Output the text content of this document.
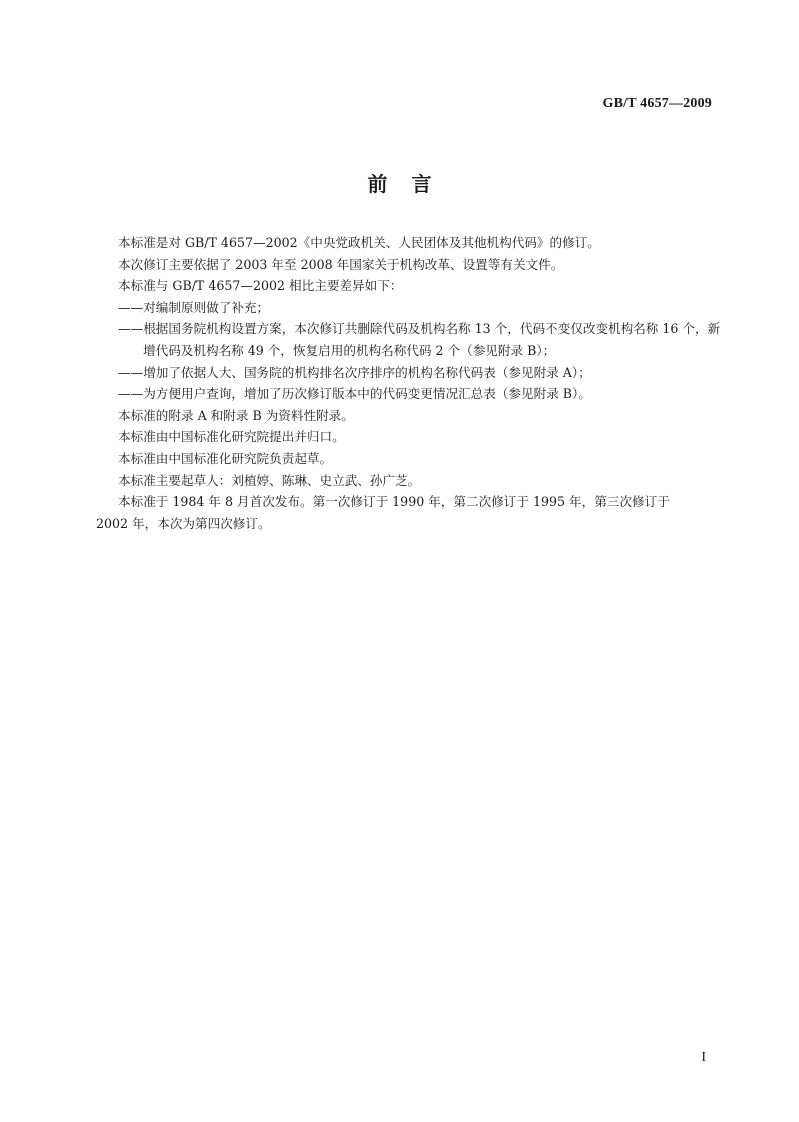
GB/T 4657—2009
前言

本标准是对 GB/T 4657—2002《中央党政机关、人民团体及其他机构代码》的修订。

本次修订主要依据了 2003 年至 2008 年国家关于机构改革、设置等有关文件。

本标准与 GB/T 4657—2002 相比主要差异如下：

——对编制原则做了补充；

——根据国务院机构设置方案，本次修订共删除代码及机构名称 13 个，代码不变仅改变机构名称 16 个，新增代码及机构名称 49 个，恢复启用的机构名称代码 2 个（参见附录 B）；

——增加了依据人大、国务院的机构排名次序排序的机构名称代码表（参见附录 A）；

——为方便用户查询，增加了历次修订版本中的代码变更情况汇总表（参见附录 B）。

本标准的附录 A 和附录 B 为资料性附录。

本标准由中国标准化研究院提出并归口。

本标准由中国标准化研究院负责起草。

本标准主要起草人：刘植婷、陈琳、史立武、孙广芝。

本标准于 1984 年 8 月首次发布。第一次修订于 1990 年，第二次修订于 1995 年，第三次修订于
2002 年，本次为第四次修订。

I
